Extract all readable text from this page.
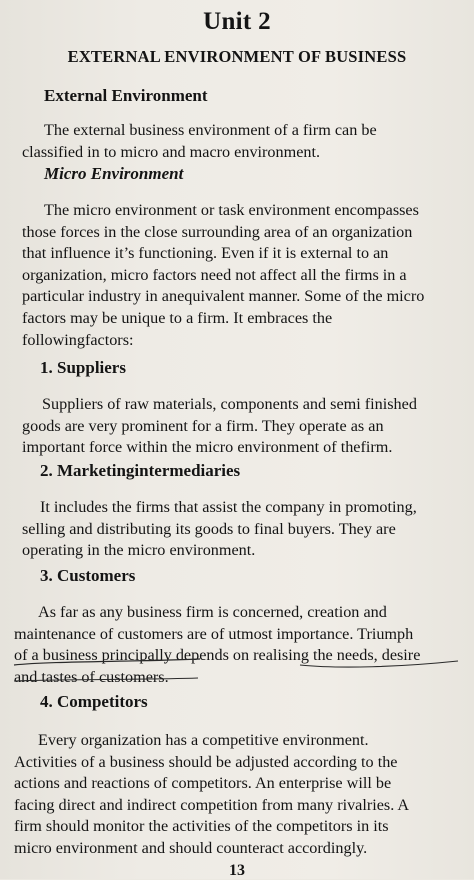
Unit 2
EXTERNAL ENVIRONMENT OF BUSINESS
External Environment

The external business environment of a firm can be
classified in to micro and macro environment.

Micro Environment

The micro environment or task environment encompasses
those forces in the close surrounding area of an organization
that influence it’s functioning. Even if it is external to an
organization, micro factors need not affect all the firms in a
particular industry in anequivalent manner. Some of the micro
factors may be unique to a firm. It embraces the
followingfactors:

1. Suppliers

Suppliers of raw materials, components and semi finished
goods are very prominent for a firm. They operate as an
important force within the micro environment of thefirm.

2. Marketingintermediaries

It includes the firms that assist the company in promoting,
selling and distributing its goods to final buyers. They are
operating in the micro environment.

3. Customers

As far as any business firm is concerned, creation and
maintenance of customers are of utmost importance. Triumph
of a business principally depends on realising the needs, desire
and tastes of customers.

4. Competitors

Every organization has a competitive environment.
Activities of a business should be adjusted according to the
actions and reactions of competitors. An enterprise will be
facing direct and indirect competition from many rivalries. A
firm should monitor the activities of the competitors in its
micro environment and should counteract accordingly.

13
